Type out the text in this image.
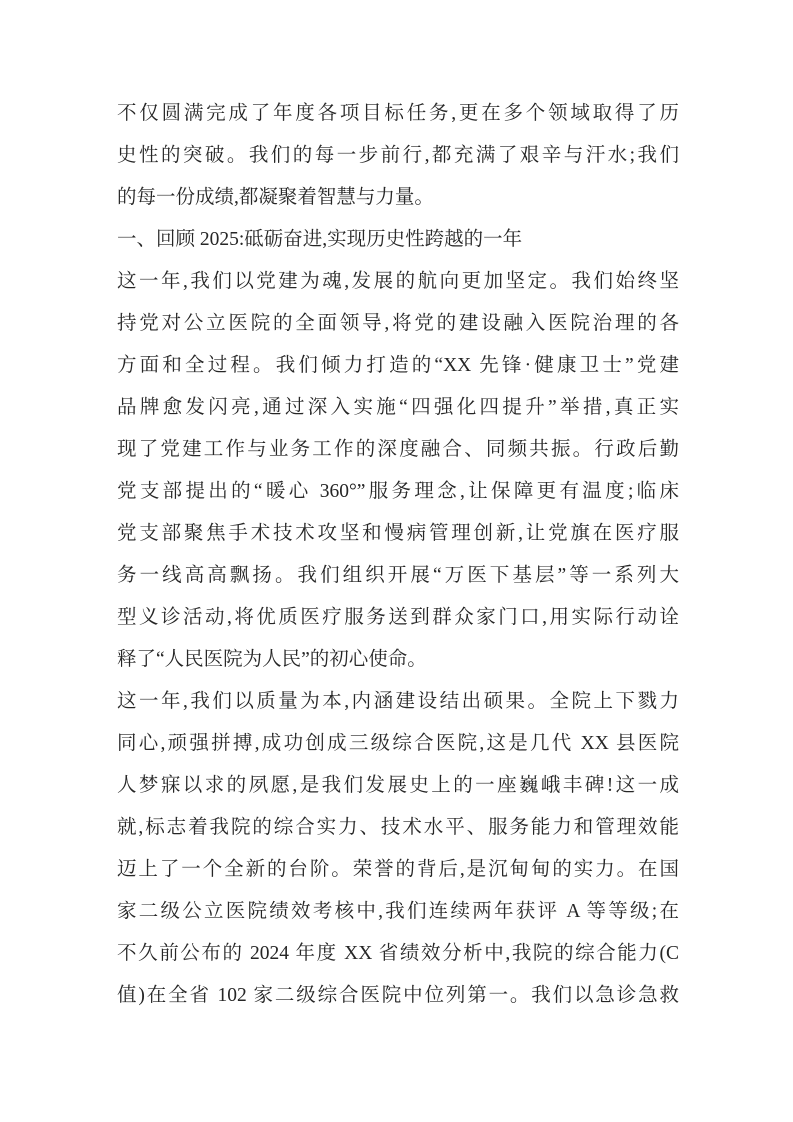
不仅圆满完成了年度各项目标任务,更在多个领域取得了历
史性的突破。我们的每一步前行,都充满了艰辛与汗水;我们
的每一份成绩,都凝聚着智慧与力量。
一、回顾 2025:砥砺奋进,实现历史性跨越的一年
这一年,我们以党建为魂,发展的航向更加坚定。我们始终坚
持党对公立医院的全面领导,将党的建设融入医院治理的各
方面和全过程。我们倾力打造的“XX 先锋·健康卫士”党建
品牌愈发闪亮,通过深入实施“四强化四提升”举措,真正实
现了党建工作与业务工作的深度融合、同频共振。行政后勤
党支部提出的“暖心 360°”服务理念,让保障更有温度;临床
党支部聚焦手术技术攻坚和慢病管理创新,让党旗在医疗服
务一线高高飘扬。我们组织开展“万医下基层”等一系列大
型义诊活动,将优质医疗服务送到群众家门口,用实际行动诠
释了“人民医院为人民”的初心使命。
这一年,我们以质量为本,内涵建设结出硕果。全院上下戮力
同心,顽强拼搏,成功创成三级综合医院,这是几代 XX 县医院
人梦寐以求的夙愿,是我们发展史上的一座巍峨丰碑!这一成
就,标志着我院的综合实力、技术水平、服务能力和管理效能
迈上了一个全新的台阶。荣誉的背后,是沉甸甸的实力。在国
家二级公立医院绩效考核中,我们连续两年获评 A 等等级;在
不久前公布的 2024 年度 XX 省绩效分析中,我院的综合能力(C
值)在全省 102 家二级综合医院中位列第一。我们以急诊急救
